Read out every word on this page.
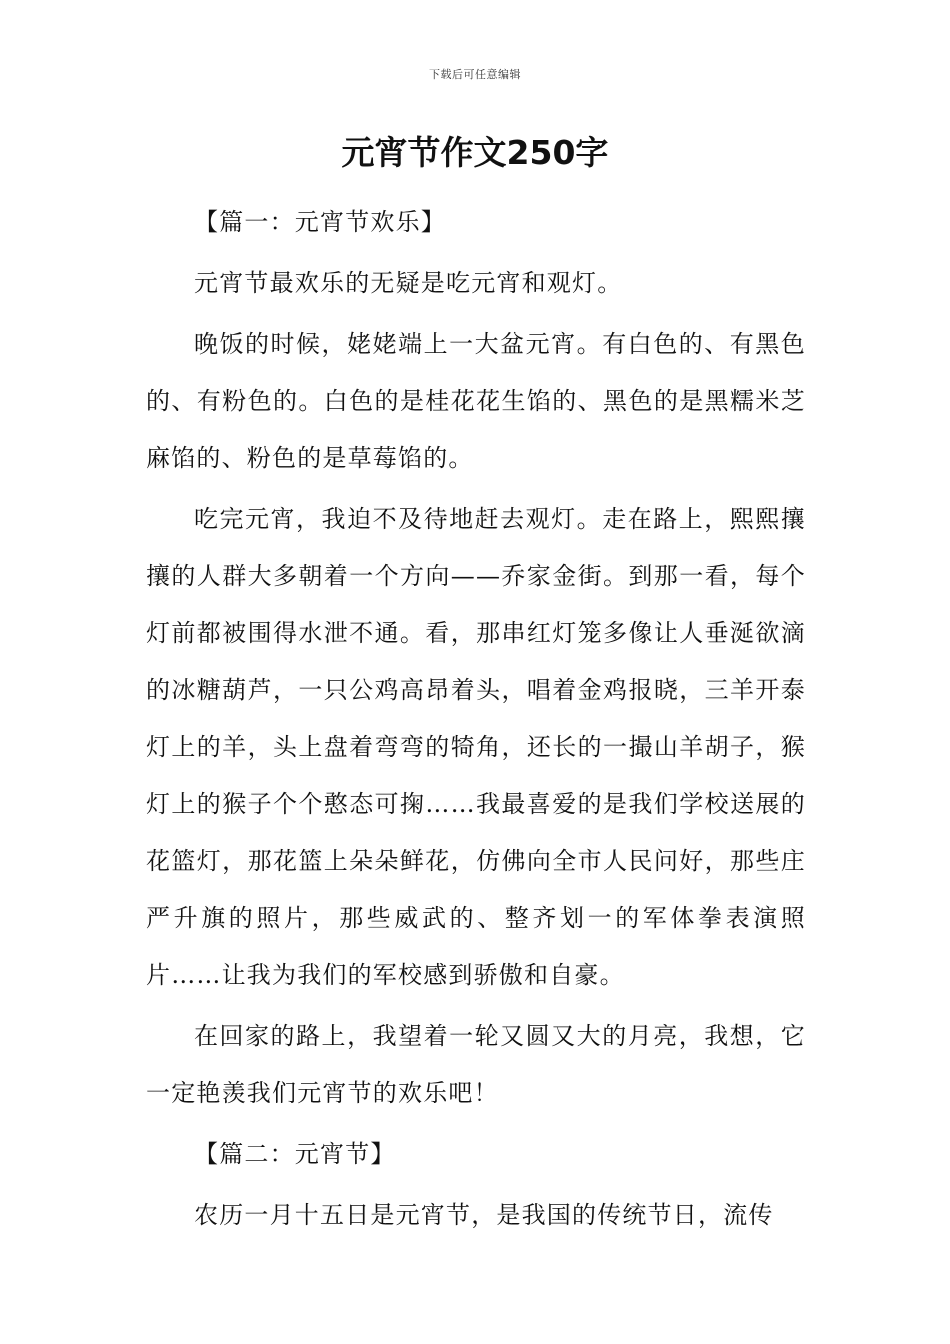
下载后可任意编辑
元宵节作文250字

【篇一：元宵节欢乐】

元宵节最欢乐的无疑是吃元宵和观灯。

晚饭的时候，姥姥端上一大盆元宵。有白色的、有黑色的、有粉色的。白色的是桂花花生馅的、黑色的是黑糯米芝麻馅的、粉色的是草莓馅的。

吃完元宵，我迫不及待地赶去观灯。走在路上，熙熙攘攘的人群大多朝着一个方向——乔家金街。到那一看，每个灯前都被围得水泄不通。看，那串红灯笼多像让人垂涎欲滴的冰糖葫芦，一只公鸡高昂着头，唱着金鸡报晓，三羊开泰灯上的羊，头上盘着弯弯的犄角，还长的一撮山羊胡子，猴灯上的猴子个个憨态可掬……我最喜爱的是我们学校送展的花篮灯，那花篮上朵朵鲜花，仿佛向全市人民问好，那些庄严升旗的照片，那些威武的、整齐划一的军体拳表演照片……让我为我们的军校感到骄傲和自豪。

在回家的路上，我望着一轮又圆又大的月亮，我想，它一定艳羡我们元宵节的欢乐吧！

【篇二：元宵节】

农历一月十五日是元宵节，是我国的传统节日，流传
